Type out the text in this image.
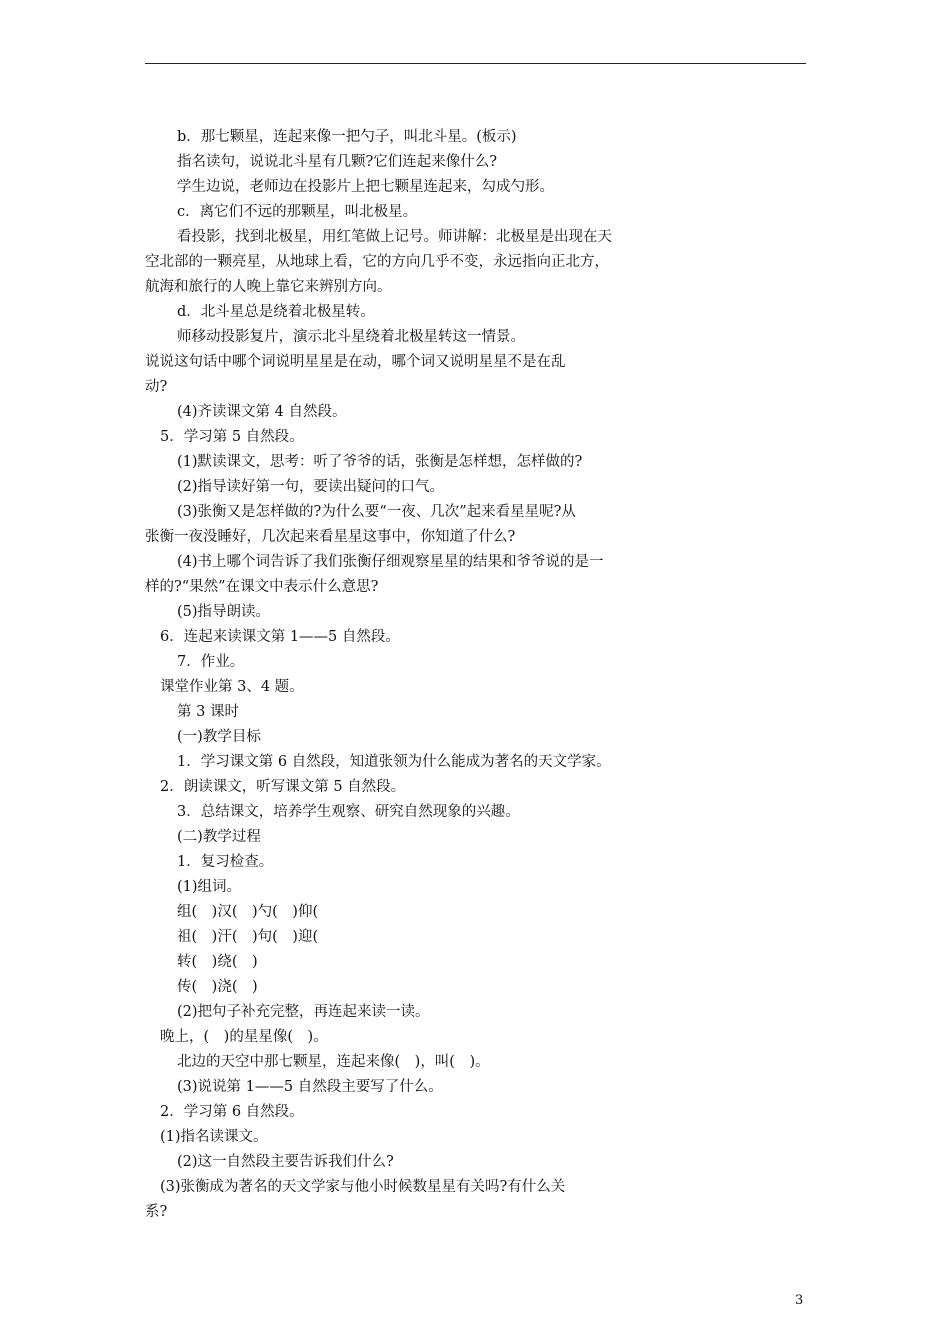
b．那七颗星，连起来像一把勺子，叫北斗星。(板示)
指名读句，说说北斗星有几颗?它们连起来像什么?
学生边说，老师边在投影片上把七颗星连起来，勾成勺形。
c．离它们不远的那颗星，叫北极星。
看投影，找到北极星，用红笔做上记号。师讲解：北极星是出现在天
空北部的一颗亮星，从地球上看，它的方向几乎不变，永远指向正北方，
航海和旅行的人晚上靠它来辨别方向。
d．北斗星总是绕着北极星转。
师移动投影复片，演示北斗星绕着北极星转这一情景。
说说这句话中哪个词说明星星是在动，哪个词又说明星星不是在乱
动?
(4)齐读课文第 4 自然段。
5．学习第 5 自然段。
(1)默读课文，思考：听了爷爷的话，张衡是怎样想，怎样做的?
(2)指导读好第一句，要读出疑问的口气。
(3)张衡又是怎样做的?为什么要“一夜、几次”起来看星星呢?从
张衡一夜没睡好，几次起来看星星这事中，你知道了什么?
(4)书上哪个词告诉了我们张衡仔细观察星星的结果和爷爷说的是一
样的?“果然”在课文中表示什么意思?
(5)指导朗读。
6．连起来读课文第 1——5 自然段。
7．作业。
课堂作业第 3、4 题。
第 3 课时
(一)教学目标
1．学习课文第 6 自然段，知道张领为什么能成为著名的天文学家。
2．朗读课文，听写课文第 5 自然段。
3．总结课文，培养学生观察、研究自然现象的兴趣。
(二)教学过程
1．复习检查。
(1)组词。
组(　)汉(　)勺(　)仰(
祖(　)汗(　)句(　)迎(
转(　)绕(　)
传(　)浇(　)
(2)把句子补充完整，再连起来读一读。
晚上，(　)的星星像(　)。
北边的天空中那七颗星，连起来像(　)，叫(　)。
(3)说说第 1——5 自然段主要写了什么。
2．学习第 6 自然段。
(1)指名读课文。
(2)这一自然段主要告诉我们什么?
(3)张衡成为著名的天文学家与他小时候数星星有关吗?有什么关
系?
3
